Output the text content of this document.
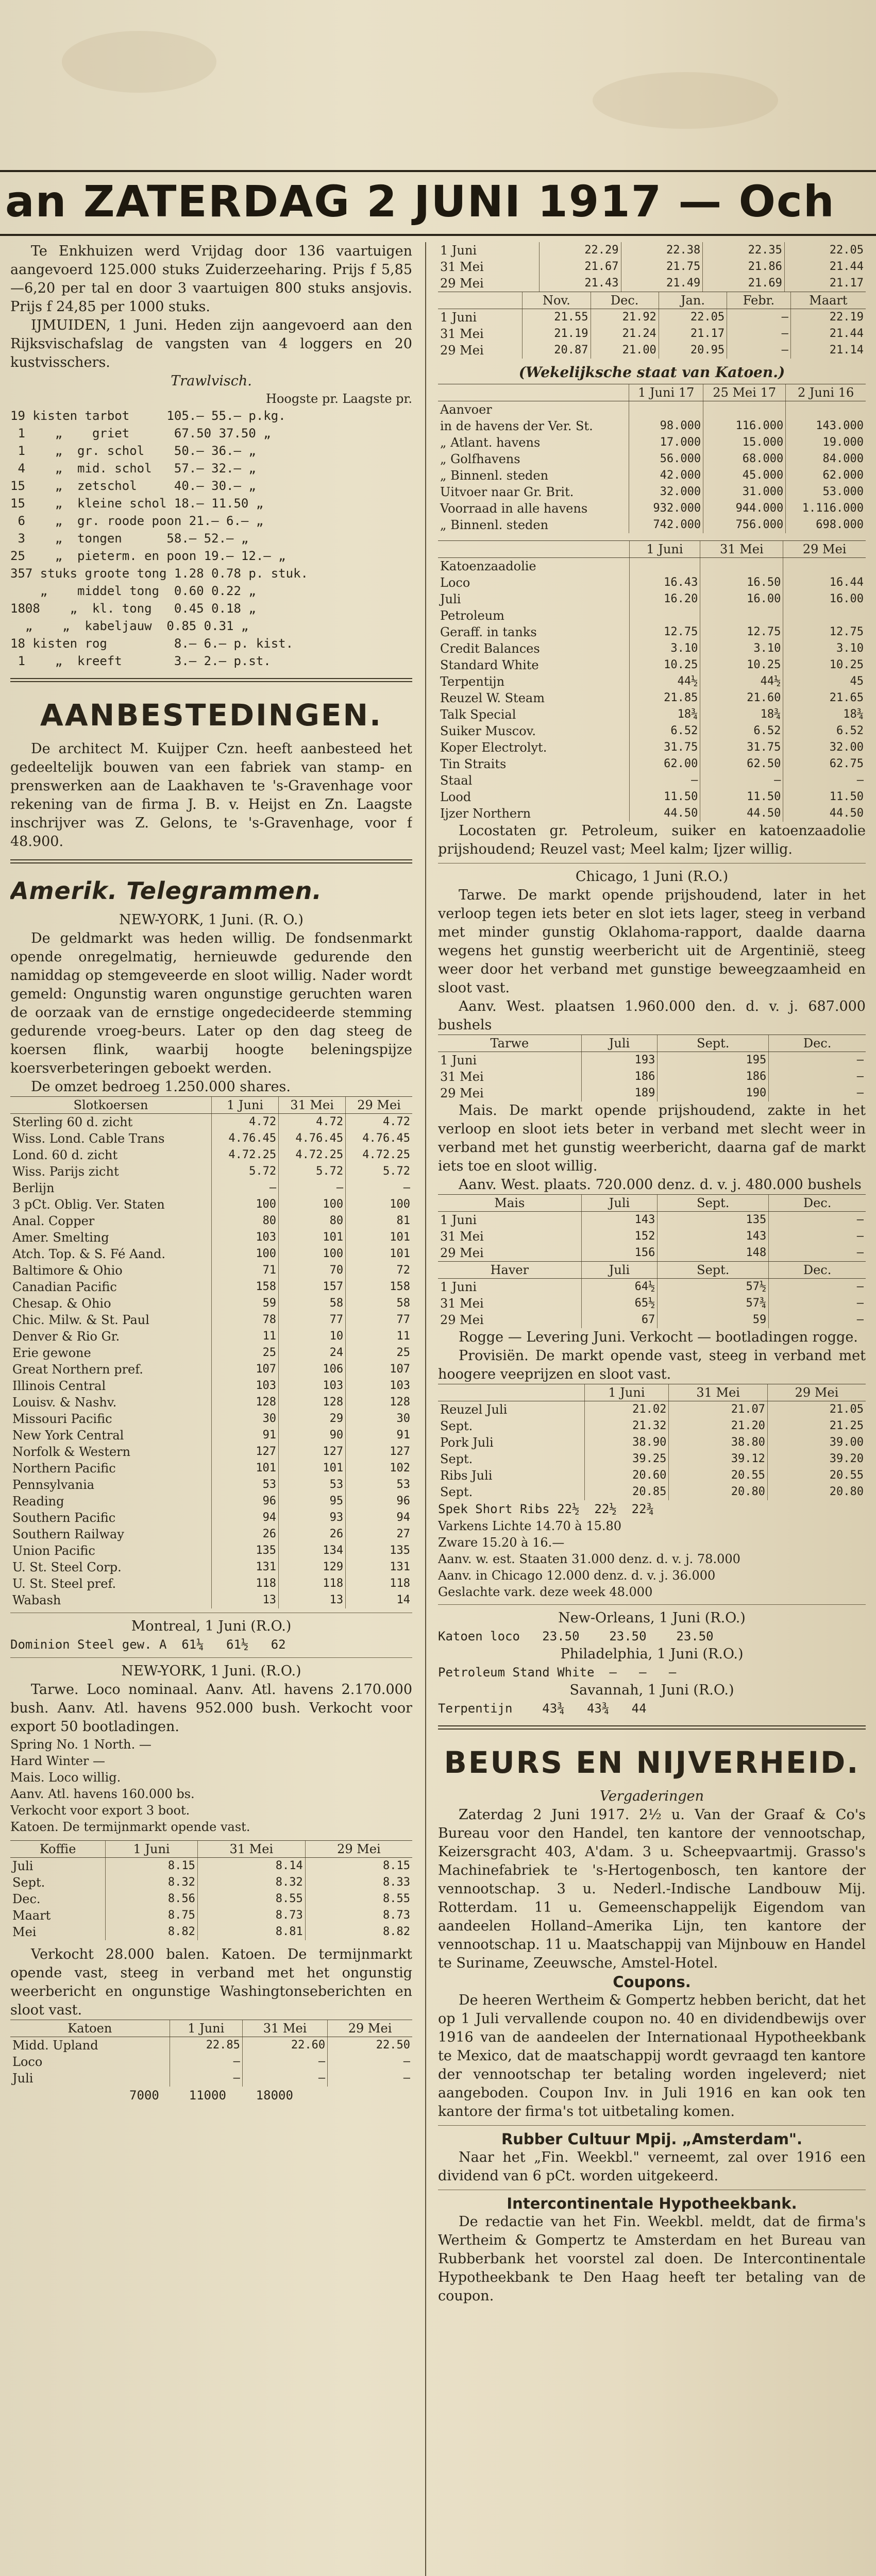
an ZATERDAG 2 JUNI 1917 — Och

Te Enkhuizen werd Vrijdag door 136 vaartuigen aangevoerd 125.000 stuks Zuiderzeeharing. Prijs f 5,85—6,20 per tal en door 3 vaartuigen 800 stuks ansjovis. Prijs f 24,85 per 1000 stuks.

IJMUIDEN, 1 Juni. Heden zijn aangevoerd aan den Rijksvischafslag de vangsten van 4 loggers en 20 kustvisschers.

Trawlvisch.
Hoogste pr. Laagste pr.
19 kisten tarbot     105.— 55.— p.kg.
1    „    griet      67.50 37.50 „
1    „  gr. schol    50.— 36.— „
4    „  mid. schol   57.— 32.— „
15    „  zetschol     40.— 30.— „
15    „  kleine schol 18.— 11.50 „
6    „  gr. roode poon 21.— 6.— „
3    „  tongen      58.— 52.— „
25    „  pieterm. en poon 19.— 12.— „
357 stuks groote tong 1.28 0.78 p. stuk.
„    middel tong  0.60 0.22 „
1808    „  kl. tong   0.45 0.18 „
„    „  kabeljauw  0.85 0.31 „
18 kisten rog         8.— 6.— p. kist.
1    „  kreeft       3.— 2.— p.st.
AANBESTEDINGEN.

De architect M. Kuijper Czn. heeft aanbesteed het gedeeltelijk bouwen van een fabriek van stamp- en prenswerken aan de Laakhaven te 's-Gravenhage voor rekening van de firma J. B. v. Heijst en Zn. Laagste inschrijver was Z. Gelons, te 's-Gravenhage, voor f 48.900.

Amerik. Telegrammen.
NEW-YORK, 1 Juni. (R. O.)

De geldmarkt was heden willig. De fondsenmarkt opende onregelmatig, hernieuwde gedurende den namiddag op stemgeveerde en sloot willig. Nader wordt gemeld: Ongunstig waren ongunstige geruchten waren de oorzaak van de ernstige ongedecideerde stemming gedurende vroeg-beurs. Later op den dag steeg de koersen flink, waarbij hoogte beleningspijze koersverbeteringen geboekt werden.

De omzet bedroeg 1.250.000 shares.

Slotkoersen	1 Juni	31 Mei	29 Mei
Sterling 60 d. zicht	4.72	4.72	4.72
Wiss. Lond. Cable Trans	4.76.45	4.76.45	4.76.45
Lond. 60 d. zicht	4.72.25	4.72.25	4.72.25
Wiss. Parijs zicht	5.72	5.72	5.72
Berlijn	—	—	—
3 pCt. Oblig. Ver. Staten	100	100	100
Anal. Copper	80	80	81
Amer. Smelting	103	101	101
Atch. Top. & S. Fé Aand.	100	100	101
Baltimore & Ohio	71	70	72
Canadian Pacific	158	157	158
Chesap. & Ohio	59	58	58
Chic. Milw. & St. Paul	78	77	77
Denver & Rio Gr.	11	10	11
Erie gewone	25	24	25
Great Northern pref.	107	106	107
Illinois Central	103	103	103
Louisv. & Nashv.	128	128	128
Missouri Pacific	30	29	30
New York Central	91	90	91
Norfolk & Western	127	127	127
Northern Pacific	101	101	102
Pennsylvania	53	53	53
Reading	96	95	96
Southern Pacific	94	93	94
Southern Railway	26	26	27
Union Pacific	135	134	135
U. St. Steel Corp.	131	129	131
U. St. Steel pref.	118	118	118
Wabash	13	13	14
Montreal, 1 Juni (R.O.)
Dominion Steel gew. A  61¼   61½   62
NEW-YORK, 1 Juni. (R.O.)

Tarwe. Loco nominaal. Aanv. Atl. havens 2.170.000 bush. Aanv. Atl. havens 952.000 bush. Verkocht voor export 50 bootladingen.

Spring No. 1 North. —
Hard Winter —
Mais. Loco willig.
Aanv. Atl. havens 160.000 bs.
Verkocht voor export 3 boot.
Katoen. De termijnmarkt opende vast.
Koffie	1 Juni	31 Mei	29 Mei
Juli	8.15	8.14	8.15
Sept.	8.32	8.32	8.33
Dec.	8.56	8.55	8.55
Maart	8.75	8.73	8.73
Mei	8.82	8.81	8.82

Verkocht 28.000 balen. Katoen. De termijnmarkt opende vast, steeg in verband met het ongunstig weerbericht en ongunstige Washingtonseberichten en sloot vast.

Katoen	1 Juni	31 Mei	29 Mei
Midd. Upland	22.85	22.60	22.50
Loco	—	—	—
Juli	—	—	—
7000    11000    18000
1 Juni	22.29	22.38	22.35	22.05
31 Mei	21.67	21.75	21.86	21.44
29 Mei	21.43	21.49	21.69	21.17
	Nov.	Dec.	Jan.	Febr.	Maart
1 Juni	21.55	21.92	22.05	—	22.19
31 Mei	21.19	21.24	21.17	—	21.44
29 Mei	20.87	21.00	20.95	—	21.14
(Wekelijksche staat van Katoen.)
	1 Juni 17	25 Mei 17	2 Juni 16
Aanvoer			
in de havens der Ver. St.	98.000	116.000	143.000
„ Atlant. havens	17.000	15.000	19.000
„ Golfhavens	56.000	68.000	84.000
„ Binnenl. steden	42.000	45.000	62.000
Uitvoer naar Gr. Brit.	32.000	31.000	53.000
Voorraad in alle havens	932.000	944.000	1.116.000
„ Binnenl. steden	742.000	756.000	698.000
	1 Juni	31 Mei	29 Mei
Katoenzaadolie			
Loco	16.43	16.50	16.44
Juli	16.20	16.00	16.00
Petroleum			
Geraff. in tanks	12.75	12.75	12.75
Credit Balances	3.10	3.10	3.10
Standard White	10.25	10.25	10.25
Terpentijn	44½	44½	45
Reuzel W. Steam	21.85	21.60	21.65
Talk Special	18¾	18¾	18¾
Suiker Muscov.	6.52	6.52	6.52
Koper Electrolyt.	31.75	31.75	32.00
Tin Straits	62.00	62.50	62.75
Staal	—	—	—
Lood	11.50	11.50	11.50
Ijzer Northern	44.50	44.50	44.50

Locostaten gr. Petroleum, suiker en katoenzaadolie prijshoudend; Reuzel vast; Meel kalm; Ijzer willig.

Chicago, 1 Juni (R.O.)

Tarwe. De markt opende prijshoudend, later in het verloop tegen iets beter en slot iets lager, steeg in verband met minder gunstig Oklahoma-rapport, daalde daarna wegens het gunstig weerbericht uit de Argentinië, steeg weer door het verband met gunstige beweegzaamheid en sloot vast.

Aanv. West. plaatsen 1.960.000 den. d. v. j. 687.000 bushels

Tarwe	Juli	Sept.	Dec.
1 Juni	193	195	—
31 Mei	186	186	—
29 Mei	189	190	—

Mais. De markt opende prijshoudend, zakte in het verloop en sloot iets beter in verband met slecht weer in verband met het gunstig weerbericht, daarna gaf de markt iets toe en sloot willig.

Aanv. West. plaats. 720.000 denz. d. v. j. 480.000 bushels

Mais	Juli	Sept.	Dec.
1 Juni	143	135	—
31 Mei	152	143	—
29 Mei	156	148	—
Haver	Juli	Sept.	Dec.
1 Juni	64½	57½	—
31 Mei	65½	57¾	—
29 Mei	67	59	—

Rogge — Levering Juni. Verkocht — bootladingen rogge.

Provisiën. De markt opende vast, steeg in verband met hoogere veeprijzen en sloot vast.

	1 Juni	31 Mei	29 Mei
Reuzel Juli	21.02	21.07	21.05
Sept.	21.32	21.20	21.25
Pork Juli	38.90	38.80	39.00
Sept.	39.25	39.12	39.20
Ribs Juli	20.60	20.55	20.55
Sept.	20.85	20.80	20.80
Spek Short Ribs 22½  22½  22¾
Varkens Lichte 14.70 à 15.80
Zware 15.20 à 16.—
Aanv. w. est. Staaten 31.000 denz. d. v. j. 78.000
Aanv. in Chicago 12.000 denz. d. v. j. 36.000
Geslachte vark. deze week 48.000
New-Orleans, 1 Juni (R.O.)
Katoen loco   23.50    23.50    23.50
Philadelphia, 1 Juni (R.O.)
Petroleum Stand White  —   —   —
Savannah, 1 Juni (R.O.)
Terpentijn    43¾   43¾   44
BEURS EN NIJVERHEID.
Vergaderingen

Zaterdag 2 Juni 1917. 2½ u. Van der Graaf & Co's Bureau voor den Handel, ten kantore der vennootschap, Keizersgracht 403, A'dam. 3 u. Scheepvaartmij. Grasso's Machinefabriek te 's-Hertogenbosch, ten kantore der vennootschap. 3 u. Nederl.-Indische Landbouw Mij. Rotterdam. 11 u. Gemeenschappelijk Eigendom van aandeelen Holland–Amerika Lijn, ten kantore der vennootschap. 11 u. Maatschappij van Mijnbouw en Handel te Suriname, Zeeuwsche, Amstel-Hotel.

Coupons.

De heeren Wertheim & Gompertz hebben bericht, dat het op 1 Juli vervallende coupon no. 40 en dividendbewijs over 1916 van de aandeelen der Internationaal Hypotheekbank te Mexico, dat de maatschappij wordt gevraagd ten kantore der vennootschap ter betaling worden ingeleverd; niet aangeboden. Coupon Inv. in Juli 1916 en kan ook ten kantore der firma's tot uitbetaling komen.

Rubber Cultuur Mpij. „Amsterdam".

Naar het „Fin. Weekbl." verneemt, zal over 1916 een dividend van 6 pCt. worden uitgekeerd.

Intercontinentale Hypotheekbank.

De redactie van het Fin. Weekbl. meldt, dat de firma's Wertheim & Gompertz te Amsterdam en het Bureau van Rubberbank het voorstel zal doen. De Intercontinentale Hypotheekbank te Den Haag heeft ter betaling van de coupon.
